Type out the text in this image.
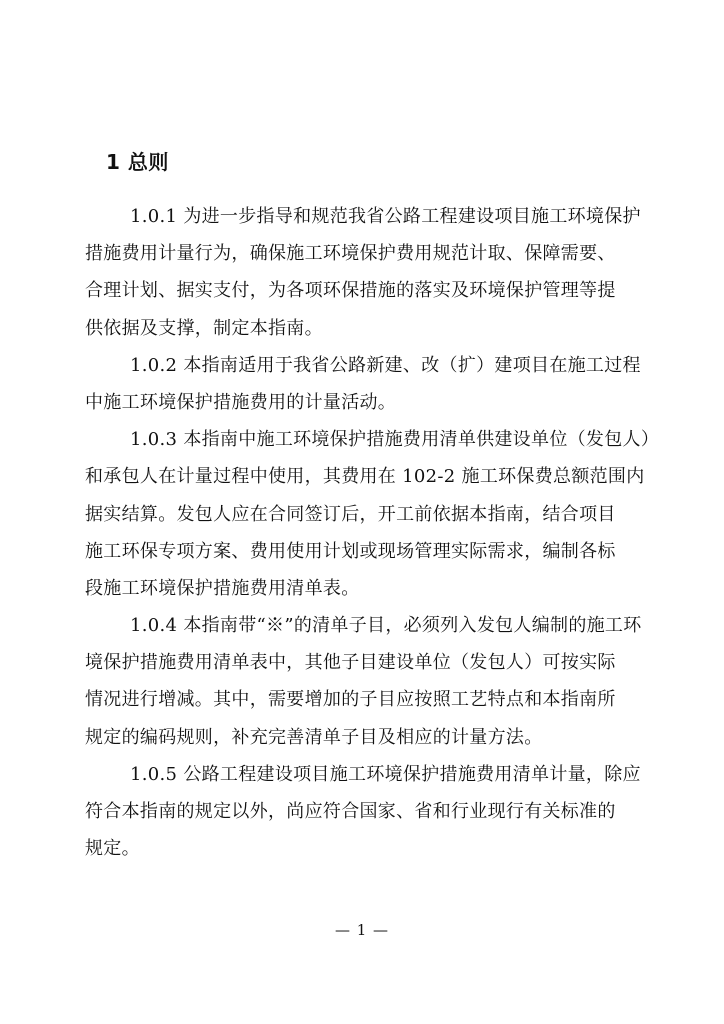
1 总则
1.0.1 为进一步指导和规范我省公路工程建设项目施工环境保护
措施费用计量行为，确保施工环境保护费用规范计取、保障需要、
合理计划、据实支付，为各项环保措施的落实及环境保护管理等提
供依据及支撑，制定本指南。
1.0.2 本指南适用于我省公路新建、改（扩）建项目在施工过程
中施工环境保护措施费用的计量活动。
1.0.3 本指南中施工环境保护措施费用清单供建设单位（发包人）
和承包人在计量过程中使用，其费用在 102-2 施工环保费总额范围内
据实结算。发包人应在合同签订后，开工前依据本指南，结合项目
施工环保专项方案、费用使用计划或现场管理实际需求，编制各标
段施工环境保护措施费用清单表。
1.0.4 本指南带“※”的清单子目，必须列入发包人编制的施工环
境保护措施费用清单表中，其他子目建设单位（发包人）可按实际
情况进行增减。其中，需要增加的子目应按照工艺特点和本指南所
规定的编码规则，补充完善清单子目及相应的计量方法。
1.0.5 公路工程建设项目施工环境保护措施费用清单计量，除应
符合本指南的规定以外，尚应符合国家、省和行业现行有关标准的
规定。
— 1 —
